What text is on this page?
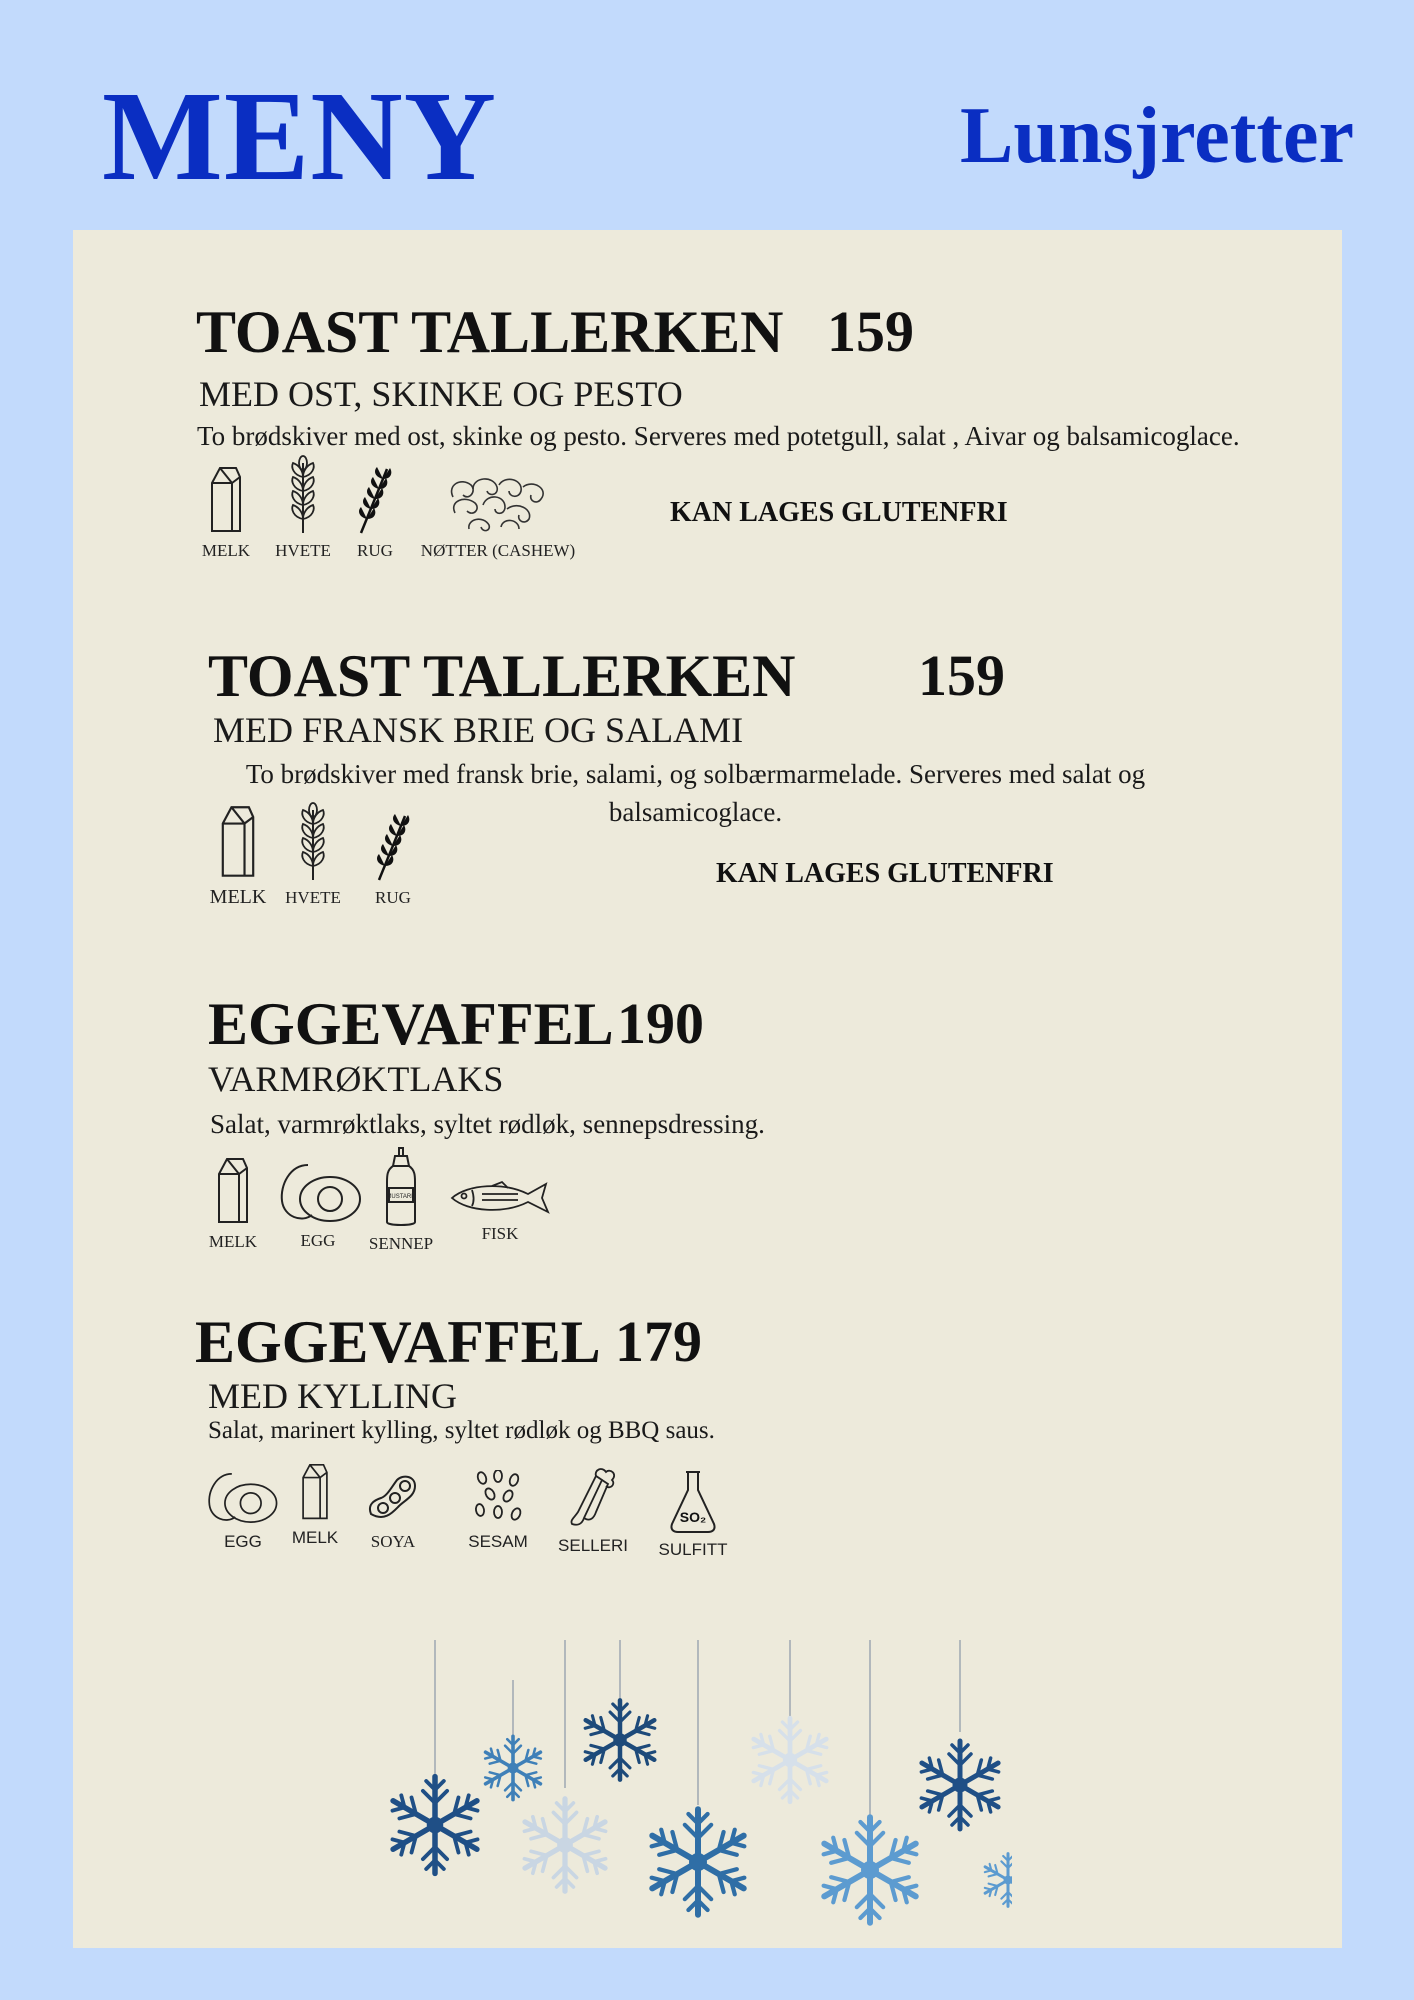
MENY	Lunsjretter
TOAST TALLERKEN 159
MED OST, SKINKE OG PESTO
To brødskiver med ost, skinke og pesto. Serveres med potetgull, salat , Aivar og balsamicoglace.
KAN LAGES GLUTENFRI
MELK	HVETE	RUG	NØTTER (CASHEW)
TOAST TALLERKEN 159
MED FRANSK BRIE OG SALAMI
To brødskiver med fransk brie, salami, og solbærmarmelade. Serveres med salat og balsamicoglace.
KAN LAGES GLUTENFRI
MELK	HVETE	RUG
EGGEVAFFEL 190
VARMRØKTLAKS
Salat, varmrøktlaks, syltet rødløk, sennepsdressing.
MELK	EGG
MUSTARD
SENNEP
FISK
EGGEVAFFEL 179
MED KYLLING
Salat, marinert kylling, syltet rødløk og BBQ saus.
EGG	MELK	SOYA	SESAM	SELLERI
SO₂
SULFITT
